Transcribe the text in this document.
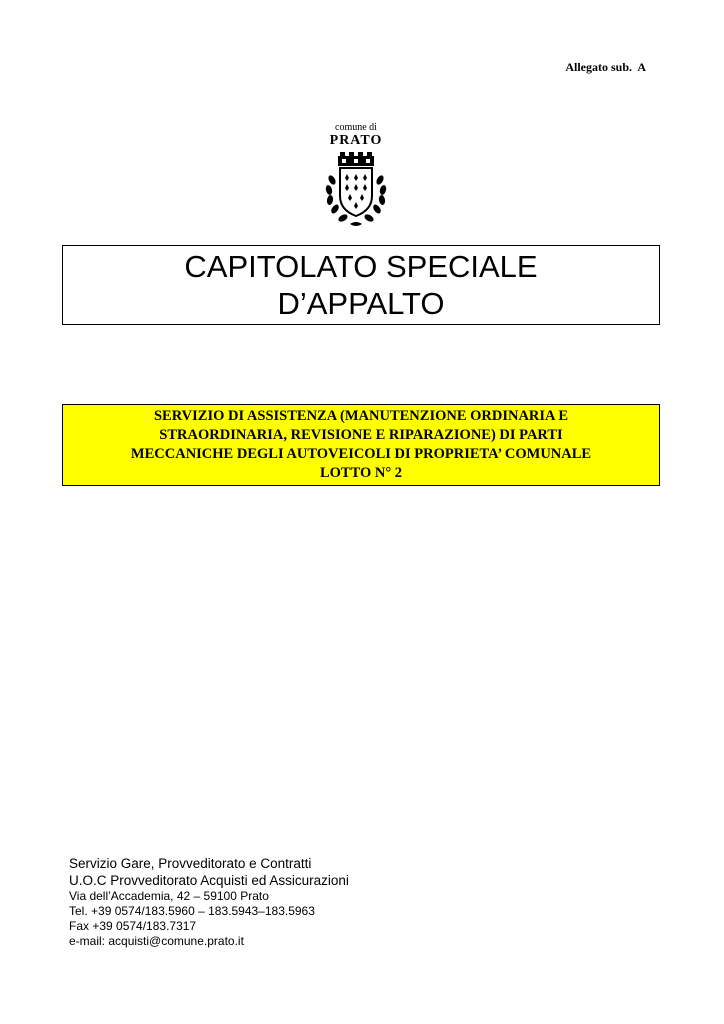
Allegato sub.  A
comune di
PRATO
CAPITOLATO SPECIALE
D’APPALTO
SERVIZIO DI ASSISTENZA (MANUTENZIONE ORDINARIA E
STRAORDINARIA, REVISIONE E RIPARAZIONE) DI PARTI
MECCANICHE DEGLI AUTOVEICOLI DI PROPRIETA’ COMUNALE
LOTTO N° 2
Servizio Gare, Provveditorato e Contratti
U.O.C Provveditorato Acquisti ed Assicurazioni
Via dell’Accademia, 42 – 59100 Prato
Tel. +39 0574/183.5960 – 183.5943–183.5963
Fax +39 0574/183.7317
e-mail: acquisti@comune.prato.it
